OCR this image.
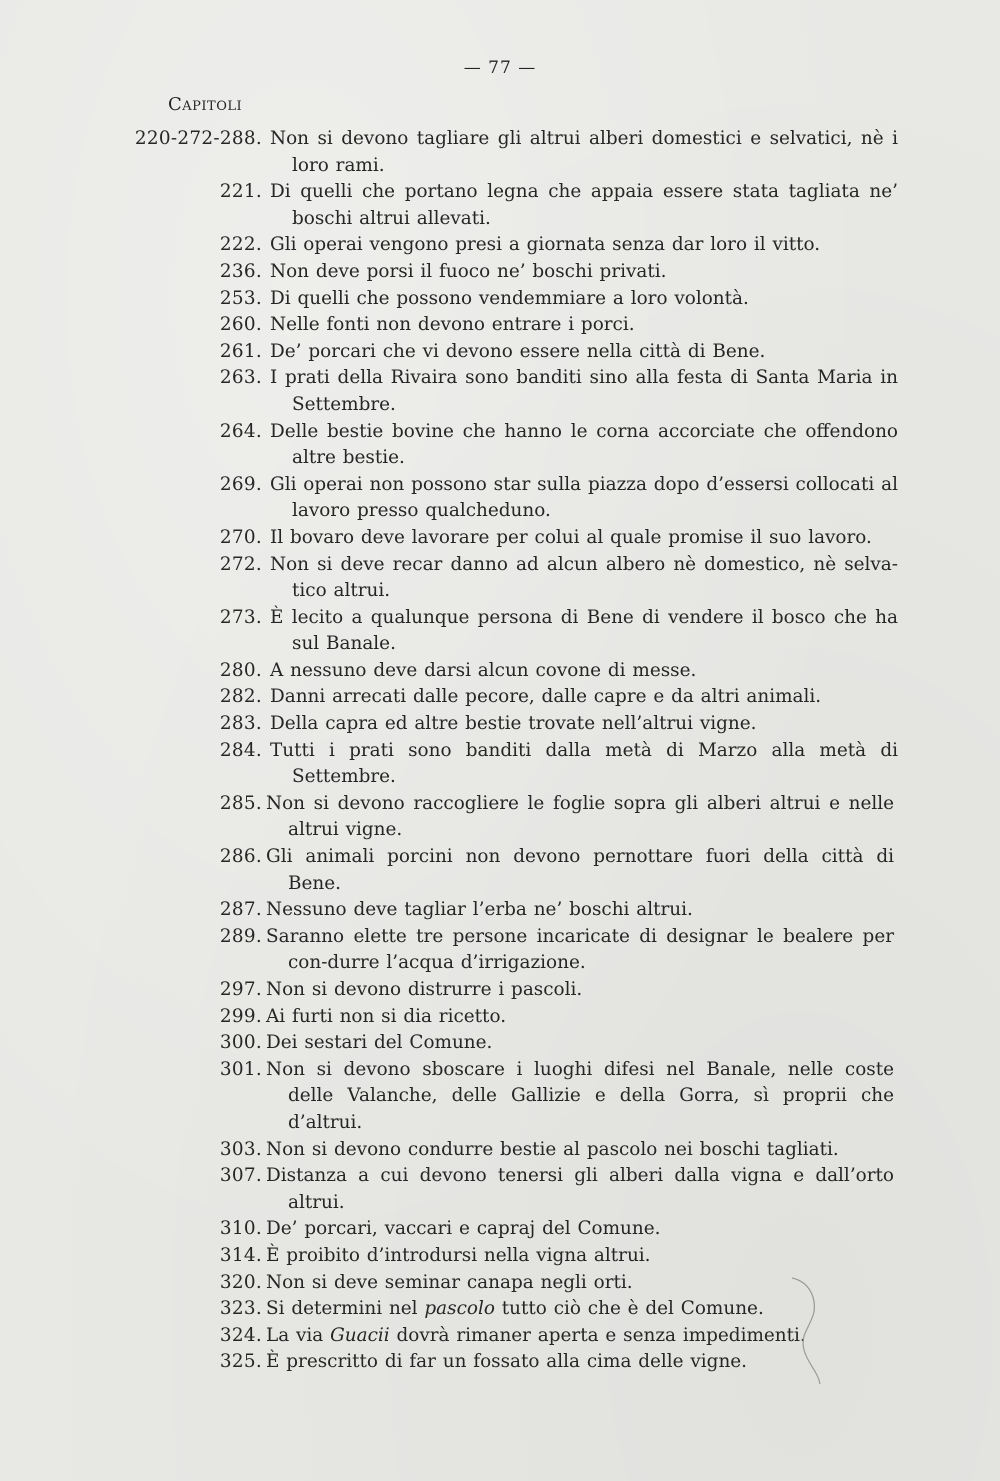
— 77 —
Capitoli
220-272-288. Non si devono tagliare gli altrui alberi domestici e selvatici, nè i loro rami.
221. Di quelli che portano legna che appaia essere stata tagliata ne’ boschi altrui allevati.
222. Gli operai vengono presi a giornata senza dar loro il vitto.
236. Non deve porsi il fuoco ne’ boschi privati.
253. Di quelli che possono vendemmiare a loro volontà.
260. Nelle fonti non devono entrare i porci.
261. De’ porcari che vi devono essere nella città di Bene.
263. I prati della Rivaira sono banditi sino alla festa di Santa Maria in Settembre.
264. Delle bestie bovine che hanno le corna accorciate che offendono altre bestie.
269. Gli operai non possono star sulla piazza dopo d’essersi collocati al lavoro presso qualcheduno.
270. Il bovaro deve lavorare per colui al quale promise il suo lavoro.
272. Non si deve recar danno ad alcun albero nè domestico, nè selva-tico altrui.
273. È lecito a qualunque persona di Bene di vendere il bosco che ha sul Banale.
280. A nessuno deve darsi alcun covone di messe.
282. Danni arrecati dalle pecore, dalle capre e da altri animali.
283. Della capra ed altre bestie trovate nell’altrui vigne.
284. Tutti i prati sono banditi dalla metà di Marzo alla metà di Settembre.
285. Non si devono raccogliere le foglie sopra gli alberi altrui e nelle altrui vigne.
286. Gli animali porcini non devono pernottare fuori della città di Bene.
287. Nessuno deve tagliar l’erba ne’ boschi altrui.
289. Saranno elette tre persone incaricate di designar le bealere per con-durre l’acqua d’irrigazione.
297. Non si devono distrurre i pascoli.
299. Ai furti non si dia ricetto.
300. Dei sestari del Comune.
301. Non si devono sboscare i luoghi difesi nel Banale, nelle coste delle Valanche, delle Gallizie e della Gorra, sì proprii che d’altrui.
303. Non si devono condurre bestie al pascolo nei boschi tagliati.
307. Distanza a cui devono tenersi gli alberi dalla vigna e dall’orto altrui.
310. De’ porcari, vaccari e capraj del Comune.
314. È proibito d’introdursi nella vigna altrui.
320. Non si deve seminar canapa negli orti.
323. Si determini nel pascolo tutto ciò che è del Comune.
324. La via Guacii dovrà rimaner aperta e senza impedimenti.
325. È prescritto di far un fossato alla cima delle vigne.
